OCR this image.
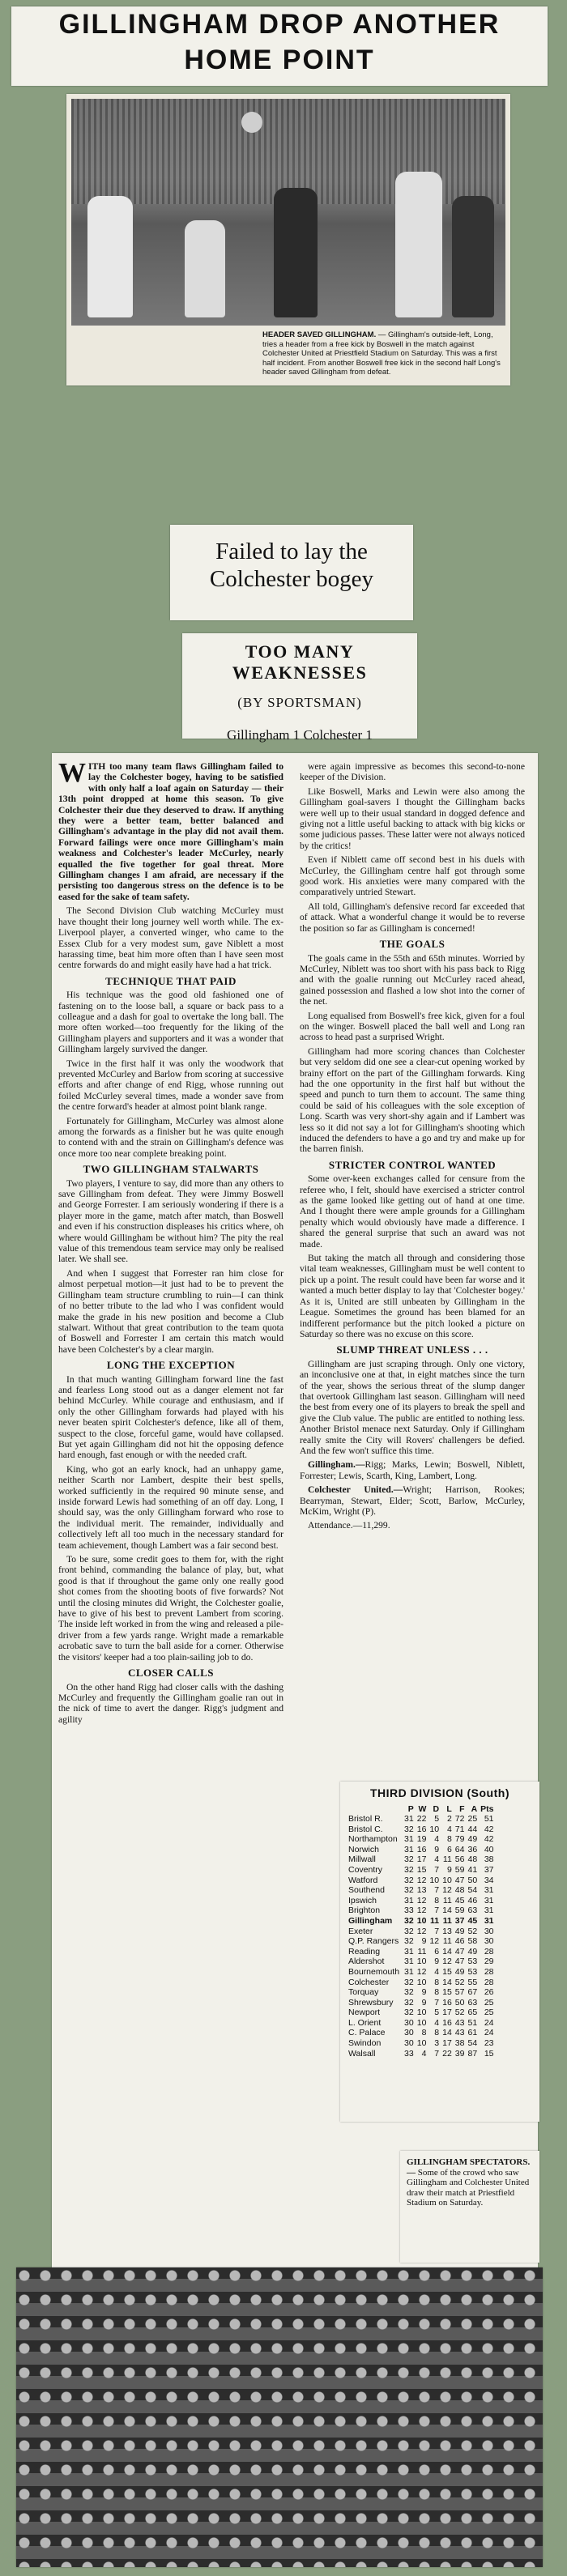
GILLINGHAM DROP ANOTHER
HOME POINT

HEADER SAVED GILLINGHAM. — Gillingham's outside-left, Long, tries a header from a free kick by Boswell in the match against Colchester United at Priestfield Stadium on Saturday. This was a first half incident. From another Boswell free kick in the second half Long's header saved Gillingham from defeat.

Failed to lay the Colchester bogey
TOO MANY WEAKNESSES
(BY SPORTSMAN)
Gillingham 1 Colchester 1

WITH too many team flaws Gillingham failed to lay the Colchester bogey, having to be satisfied with only half a loaf again on Saturday — their 13th point dropped at home this season. To give Colchester their due they deserved to draw. If anything they were a better team, better balanced and Gillingham's advantage in the play did not avail them. Forward failings were once more Gillingham's main weakness and Colchester's leader McCurley, nearly equalled the five together for goal threat. More Gillingham changes I am afraid, are necessary if the persisting too dangerous stress on the defence is to be eased for the sake of team safety.

The Second Division Club watching McCurley must have thought their long journey well worth while. The ex-Liverpool player, a converted winger, who came to the Essex Club for a very modest sum, gave Niblett a most harassing time, beat him more often than I have seen most centre forwards do and might easily have had a hat trick.

TECHNIQUE THAT PAID

His technique was the good old fashioned one of fastening on to the loose ball, a square or back pass to a colleague and a dash for goal to overtake the long ball. The more often worked—too frequently for the liking of the Gillingham players and supporters and it was a wonder that Gillingham largely survived the danger.

Twice in the first half it was only the woodwork that prevented McCurley and Barlow from scoring at successive efforts and after change of end Rigg, whose running out foiled McCurley several times, made a wonder save from the centre forward's header at almost point blank range.

Fortunately for Gillingham, McCurley was almost alone among the forwards as a finisher but he was quite enough to contend with and the strain on Gillingham's defence was once more too near complete breaking point.

TWO GILLINGHAM STALWARTS

Two players, I venture to say, did more than any others to save Gillingham from defeat. They were Jimmy Boswell and George Forrester. I am seriously wondering if there is a player more in the game, match after match, than Boswell and even if his construction displeases his critics where, oh where would Gillingham be without him? The pity the real value of this tremendous team service may only be realised later. We shall see.

And when I suggest that Forrester ran him close for almost perpetual motion—it just had to be to prevent the Gillingham team structure crumbling to ruin—I can think of no better tribute to the lad who I was confident would make the grade in his new position and become a Club stalwart. Without that great contribution to the team quota of Boswell and Forrester I am certain this match would have been Colchester's by a clear margin.

LONG THE EXCEPTION

In that much wanting Gillingham forward line the fast and fearless Long stood out as a danger element not far behind McCurley. While courage and enthusiasm, and if only the other Gillingham forwards had played with his never beaten spirit Colchester's defence, like all of them, suspect to the close, forceful game, would have collapsed. But yet again Gillingham did not hit the opposing defence hard enough, fast enough or with the needed craft.

King, who got an early knock, had an unhappy game, neither Scarth nor Lambert, despite their best spells, worked sufficiently in the required 90 minute sense, and inside forward Lewis had something of an off day. Long, I should say, was the only Gillingham forward who rose to the individual merit. The remainder, individually and collectively left all too much in the necessary standard for team achievement, though Lambert was a fair second best.

To be sure, some credit goes to them for, with the right front behind, commanding the balance of play, but, what good is that if throughout the game only one really good shot comes from the shooting boots of five forwards? Not until the closing minutes did Wright, the Colchester goalie, have to give of his best to prevent Lambert from scoring. The inside left worked in from the wing and released a pile-driver from a few yards range. Wright made a remarkable acrobatic save to turn the ball aside for a corner. Otherwise the visitors' keeper had a too plain-sailing job to do.

CLOSER CALLS

On the other hand Rigg had closer calls with the dashing McCurley and frequently the Gillingham goalie ran out in the nick of time to avert the danger. Rigg's judgment and agility

were again impressive as becomes this second-to-none keeper of the Division.

Like Boswell, Marks and Lewin were also among the Gillingham goal-savers I thought the Gillingham backs were well up to their usual standard in dogged defence and giving not a little useful backing to attack with big kicks or some judicious passes. These latter were not always noticed by the critics!

Even if Niblett came off second best in his duels with McCurley, the Gillingham centre half got through some good work. His anxieties were many compared with the comparatively untried Stewart.

All told, Gillingham's defensive record far exceeded that of attack. What a wonderful change it would be to reverse the position so far as Gillingham is concerned!

THE GOALS

The goals came in the 55th and 65th minutes. Worried by McCurley, Niblett was too short with his pass back to Rigg and with the goalie running out McCurley raced ahead, gained possession and flashed a low shot into the corner of the net.

Long equalised from Boswell's free kick, given for a foul on the winger. Boswell placed the ball well and Long ran across to head past a surprised Wright.

Gillingham had more scoring chances than Colchester but very seldom did one see a clear-cut opening worked by brainy effort on the part of the Gillingham forwards. King had the one opportunity in the first half but without the speed and punch to turn them to account. The same thing could be said of his colleagues with the sole exception of Long. Scarth was very short-shy again and if Lambert was less so it did not say a lot for Gillingham's shooting which induced the defenders to have a go and try and make up for the barren finish.

STRICTER CONTROL WANTED

Some over-keen exchanges called for censure from the referee who, I felt, should have exercised a stricter control as the game looked like getting out of hand at one time. And I thought there were ample grounds for a Gillingham penalty which would obviously have made a difference. I shared the general surprise that such an award was not made.

But taking the match all through and considering those vital team weaknesses, Gillingham must be well content to pick up a point. The result could have been far worse and it wanted a much better display to lay that 'Colchester bogey.' As it is, United are still unbeaten by Gillingham in the League. Sometimes the ground has been blamed for an indifferent performance but the pitch looked a picture on Saturday so there was no excuse on this score.

SLUMP THREAT UNLESS . . .

Gillingham are just scraping through. Only one victory, an inconclusive one at that, in eight matches since the turn of the year, shows the serious threat of the slump danger that overtook Gillingham last season. Gillingham will need the best from every one of its players to break the spell and give the Club value. The public are entitled to nothing less. Another Bristol menace next Saturday. Only if Gillingham really smite the City will Rovers' challengers be defied. And the few won't suffice this time.

Gillingham.—Rigg; Marks, Lewin; Boswell, Niblett, Forrester; Lewis, Scarth, King, Lambert, Long.

Colchester United.—Wright; Harrison, Rookes; Bearryman, Stewart, Elder; Scott, Barlow, McCurley, McKim, Wright (P).

Attendance.—11,299.

THIRD DIVISION (South)
	P	W	D	L	F	A	Pts
Bristol R.	31	22	5	2	72	25	51
Bristol C.	32	16	10	4	71	44	42
Northampton	31	19	4	8	79	49	42
Norwich	31	16	9	6	64	36	40
Millwall	32	17	4	11	56	48	38
Coventry	32	15	7	9	59	41	37
Watford	32	12	10	10	47	50	34
Southend	32	13	7	12	48	54	31
Ipswich	31	12	8	11	45	46	31
Brighton	33	12	7	14	59	63	31
Gillingham	32	10	11	11	37	45	31
Exeter	32	12	7	13	49	52	30
Q.P. Rangers	32	9	12	11	46	58	30
Reading	31	11	6	14	47	49	28
Aldershot	31	10	9	12	47	53	29
Bournemouth	31	12	4	15	49	53	28
Colchester	32	10	8	14	52	55	28
Torquay	32	9	8	15	57	67	26
Shrewsbury	32	9	7	16	50	63	25
Newport	32	10	5	17	52	65	25
L. Orient	30	10	4	16	43	51	24
C. Palace	30	8	8	14	43	61	24
Swindon	30	10	3	17	38	54	23
Walsall	33	4	7	22	39	87	15

GILLINGHAM SPECTATORS.— Some of the crowd who saw Gillingham and Colchester United draw their match at Priestfield Stadium on Saturday.
